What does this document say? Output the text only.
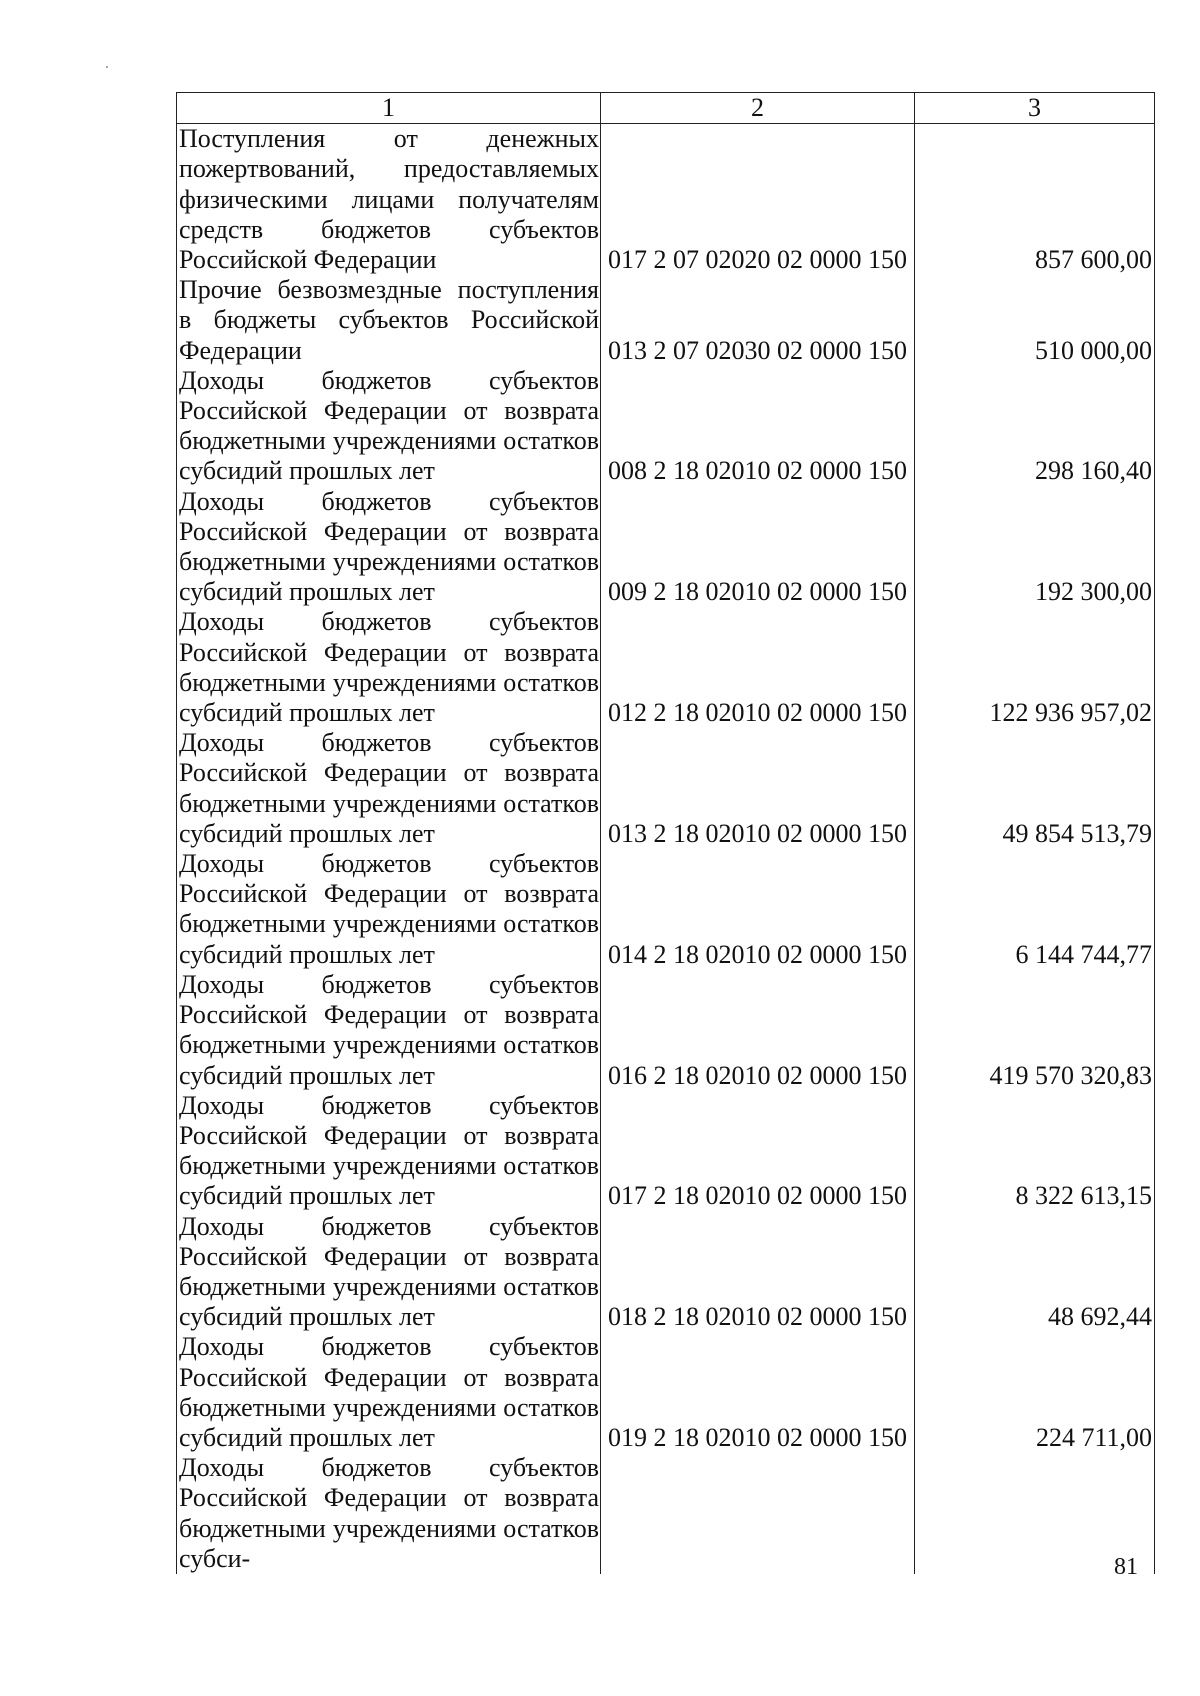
1	2	3
Поступления от денежных пожертвований, предоставляемых физическими лицами получателям средств бюджетов субъектов Российской Федерации	017 2 07 02020 02 0000 150	857 600,00
Прочие безвозмездные поступления в бюджеты субъектов Российской Федерации	013 2 07 02030 02 0000 150	510 000,00
Доходы бюджетов субъектов Российской Федерации от возврата бюджетными учреждениями остатков субсидий прошлых лет	008 2 18 02010 02 0000 150	298 160,40
Доходы бюджетов субъектов Российской Федерации от возврата бюджетными учреждениями остатков субсидий прошлых лет	009 2 18 02010 02 0000 150	192 300,00
Доходы бюджетов субъектов Российской Федерации от возврата бюджетными учреждениями остатков субсидий прошлых лет	012 2 18 02010 02 0000 150	122 936 957,02
Доходы бюджетов субъектов Российской Федерации от возврата бюджетными учреждениями остатков субсидий прошлых лет	013 2 18 02010 02 0000 150	49 854 513,79
Доходы бюджетов субъектов Российской Федерации от возврата бюджетными учреждениями остатков субсидий прошлых лет	014 2 18 02010 02 0000 150	6 144 744,77
Доходы бюджетов субъектов Российской Федерации от возврата бюджетными учреждениями остатков субсидий прошлых лет	016 2 18 02010 02 0000 150	419 570 320,83
Доходы бюджетов субъектов Российской Федерации от возврата бюджетными учреждениями остатков субсидий прошлых лет	017 2 18 02010 02 0000 150	8 322 613,15
Доходы бюджетов субъектов Российской Федерации от возврата бюджетными учреждениями остатков субсидий прошлых лет	018 2 18 02010 02 0000 150	48 692,44
Доходы бюджетов субъектов Российской Федерации от возврата бюджетными учреждениями остатков субсидий прошлых лет	019 2 18 02010 02 0000 150	224 711,00
Доходы бюджетов субъектов Российской Федерации от возврата бюджетными учреждениями остатков субси-			81
